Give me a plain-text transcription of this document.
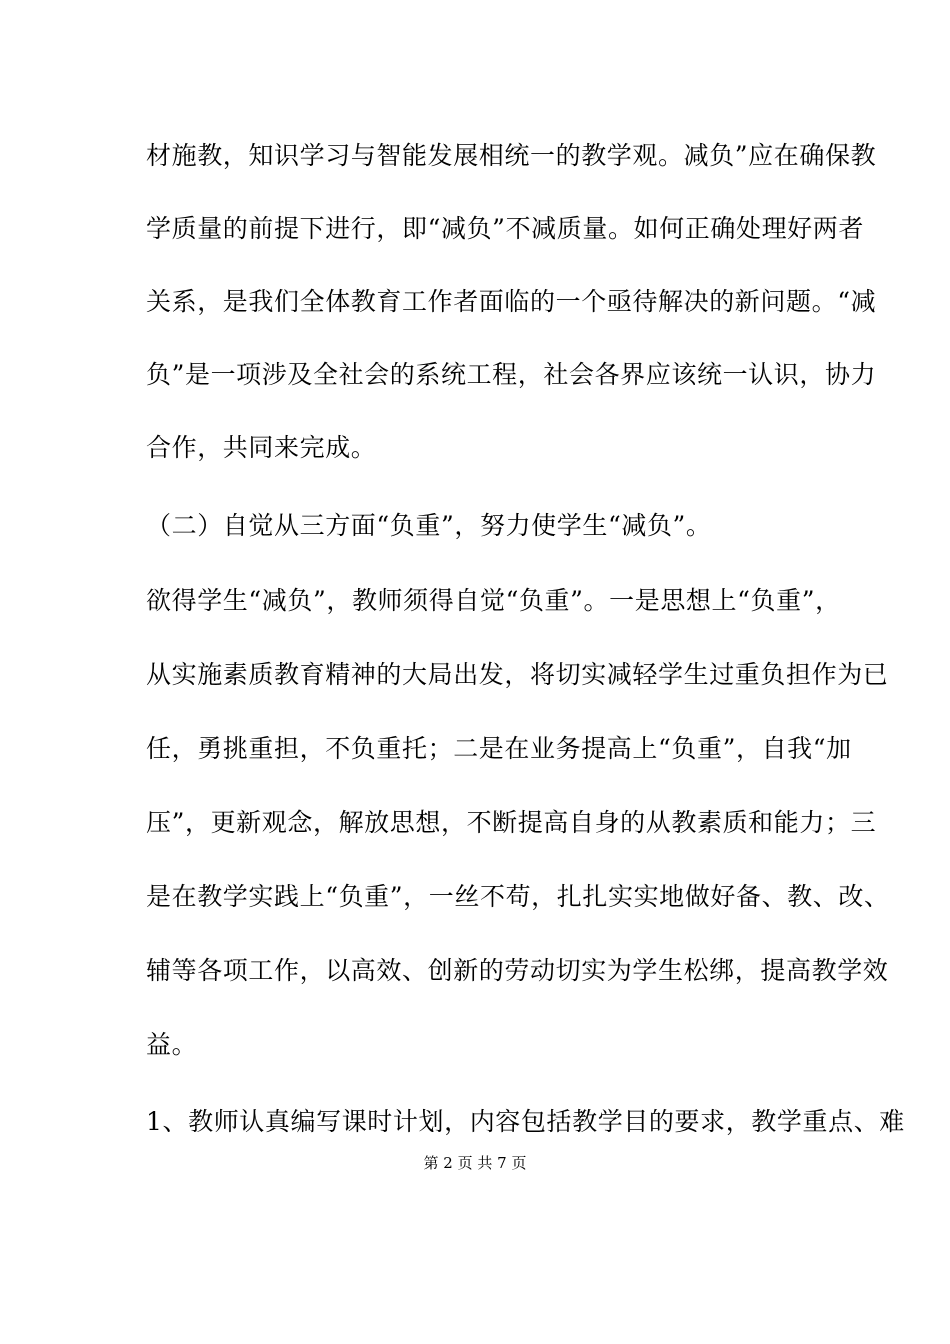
材施教，知识学习与智能发展相统一的教学观。减负”应在确保教
学质量的前提下进行，即“减负”不减质量。如何正确处理好两者
关系，是我们全体教育工作者面临的一个亟待解决的新问题。“减
负”是一项涉及全社会的系统工程，社会各界应该统一认识，协力
合作，共同来完成。
（二）自觉从三方面“负重”，努力使学生“减负”。
欲得学生“减负”，教师须得自觉“负重”。一是思想上“负重”，
从实施素质教育精神的大局出发，将切实减轻学生过重负担作为已
任，勇挑重担，不负重托；二是在业务提高上“负重”，自我“加
压”，更新观念，解放思想，不断提高自身的从教素质和能力；三
是在教学实践上“负重”，一丝不苟，扎扎实实地做好备、教、改、
辅等各项工作，以高效、创新的劳动切实为学生松绑，提高教学效
益。
1、教师认真编写课时计划，内容包括教学目的要求，教学重点、难
第 2 页 共 7 页
